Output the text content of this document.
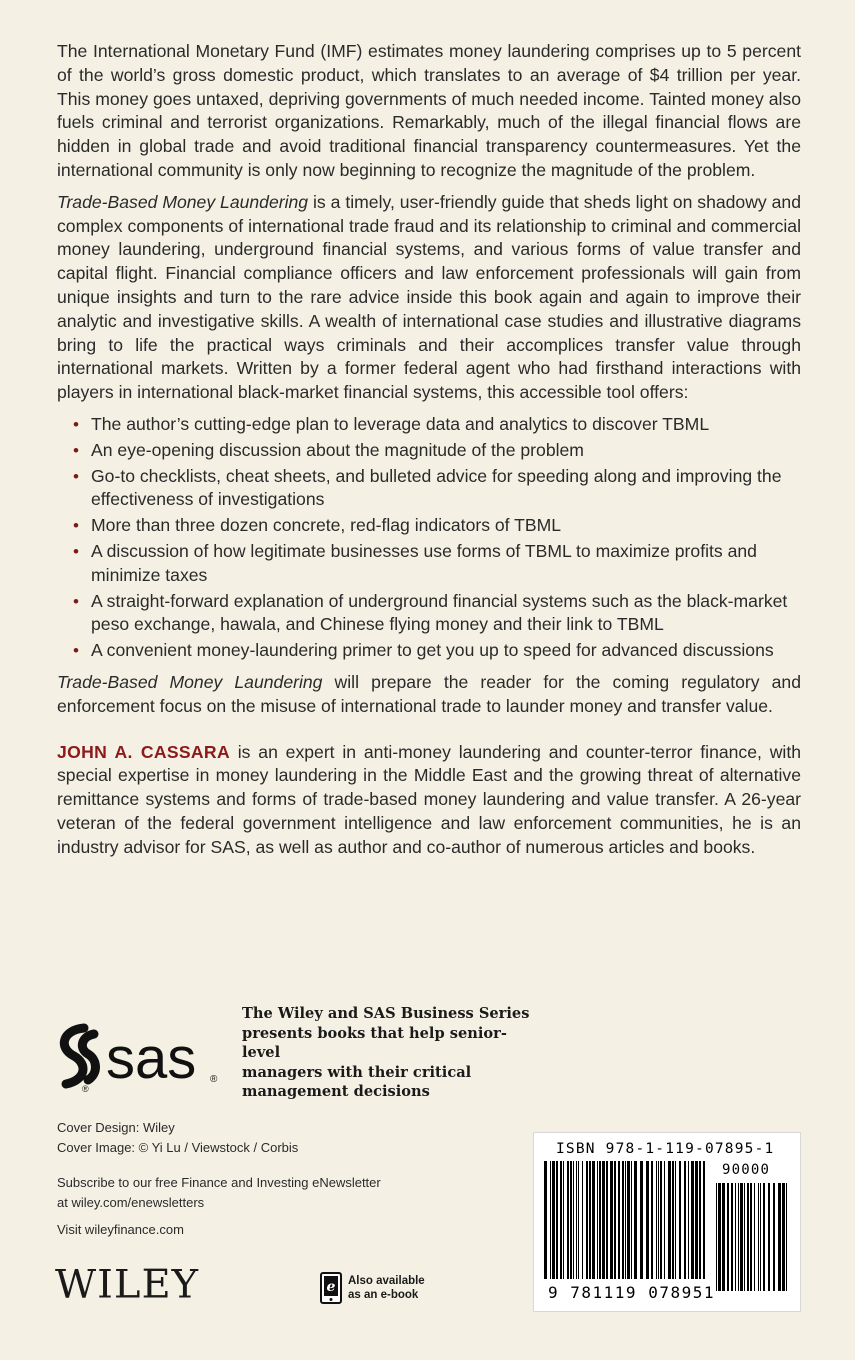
The International Monetary Fund (IMF) estimates money laundering comprises up to 5 percent of the world’s gross domestic product, which translates to an average of $4 trillion per year. This money goes untaxed, depriving governments of much needed income. Tainted money also fuels criminal and terrorist organizations. Remarkably, much of the illegal financial flows are hidden in global trade and avoid traditional financial transparency countermeasures. Yet the international community is only now beginning to recognize the magnitude of the problem.

Trade-Based Money Laundering is a timely, user-friendly guide that sheds light on shadowy and complex components of international trade fraud and its relationship to criminal and commercial money laundering, underground financial systems, and various forms of value transfer and capital flight. Financial compliance officers and law enforcement professionals will gain from unique insights and turn to the rare advice inside this book again and again to improve their analytic and investigative skills. A wealth of international case studies and illustrative diagrams bring to life the practical ways criminals and their accomplices transfer value through international markets. Written by a former federal agent who had firsthand interactions with players in international black-market financial systems, this accessible tool offers:

• The author’s cutting-edge plan to leverage data and analytics to discover TBML
• An eye-opening discussion about the magnitude of the problem
• Go-to checklists, cheat sheets, and bulleted advice for speeding along and improving the effectiveness of investigations
• More than three dozen concrete, red-flag indicators of TBML
• A discussion of how legitimate businesses use forms of TBML to maximize profits and minimize taxes
• A straight-forward explanation of underground financial systems such as the black-market peso exchange, hawala, and Chinese flying money and their link to TBML
• A convenient money-laundering primer to get you up to speed for advanced discussions

Trade-Based Money Laundering will prepare the reader for the coming regulatory and enforcement focus on the misuse of international trade to launder money and transfer value.

JOHN A. CASSARA is an expert in anti-money laundering and counter-terror finance, with special expertise in money laundering in the Middle East and the growing threat of alternative remittance systems and forms of trade-based money laundering and value transfer. A 26-year veteran of the federal government intelligence and law enforcement communities, he is an industry advisor for SAS, as well as author and co-author of numerous articles and books.

sas ®
®
The Wiley and SAS Business Series
presents books that help senior-level
managers with their critical
management decisions
Cover Design: Wiley
Cover Image: © Yi Lu / Viewstock / Corbis
Subscribe to our free Finance and Investing eNewsletter
at wiley.com/enewsletters
Visit wileyfinance.com
WILEY	e Also available
as an e-book
ISBN 978-1-119-07895-1
90000
9 781119 078951
